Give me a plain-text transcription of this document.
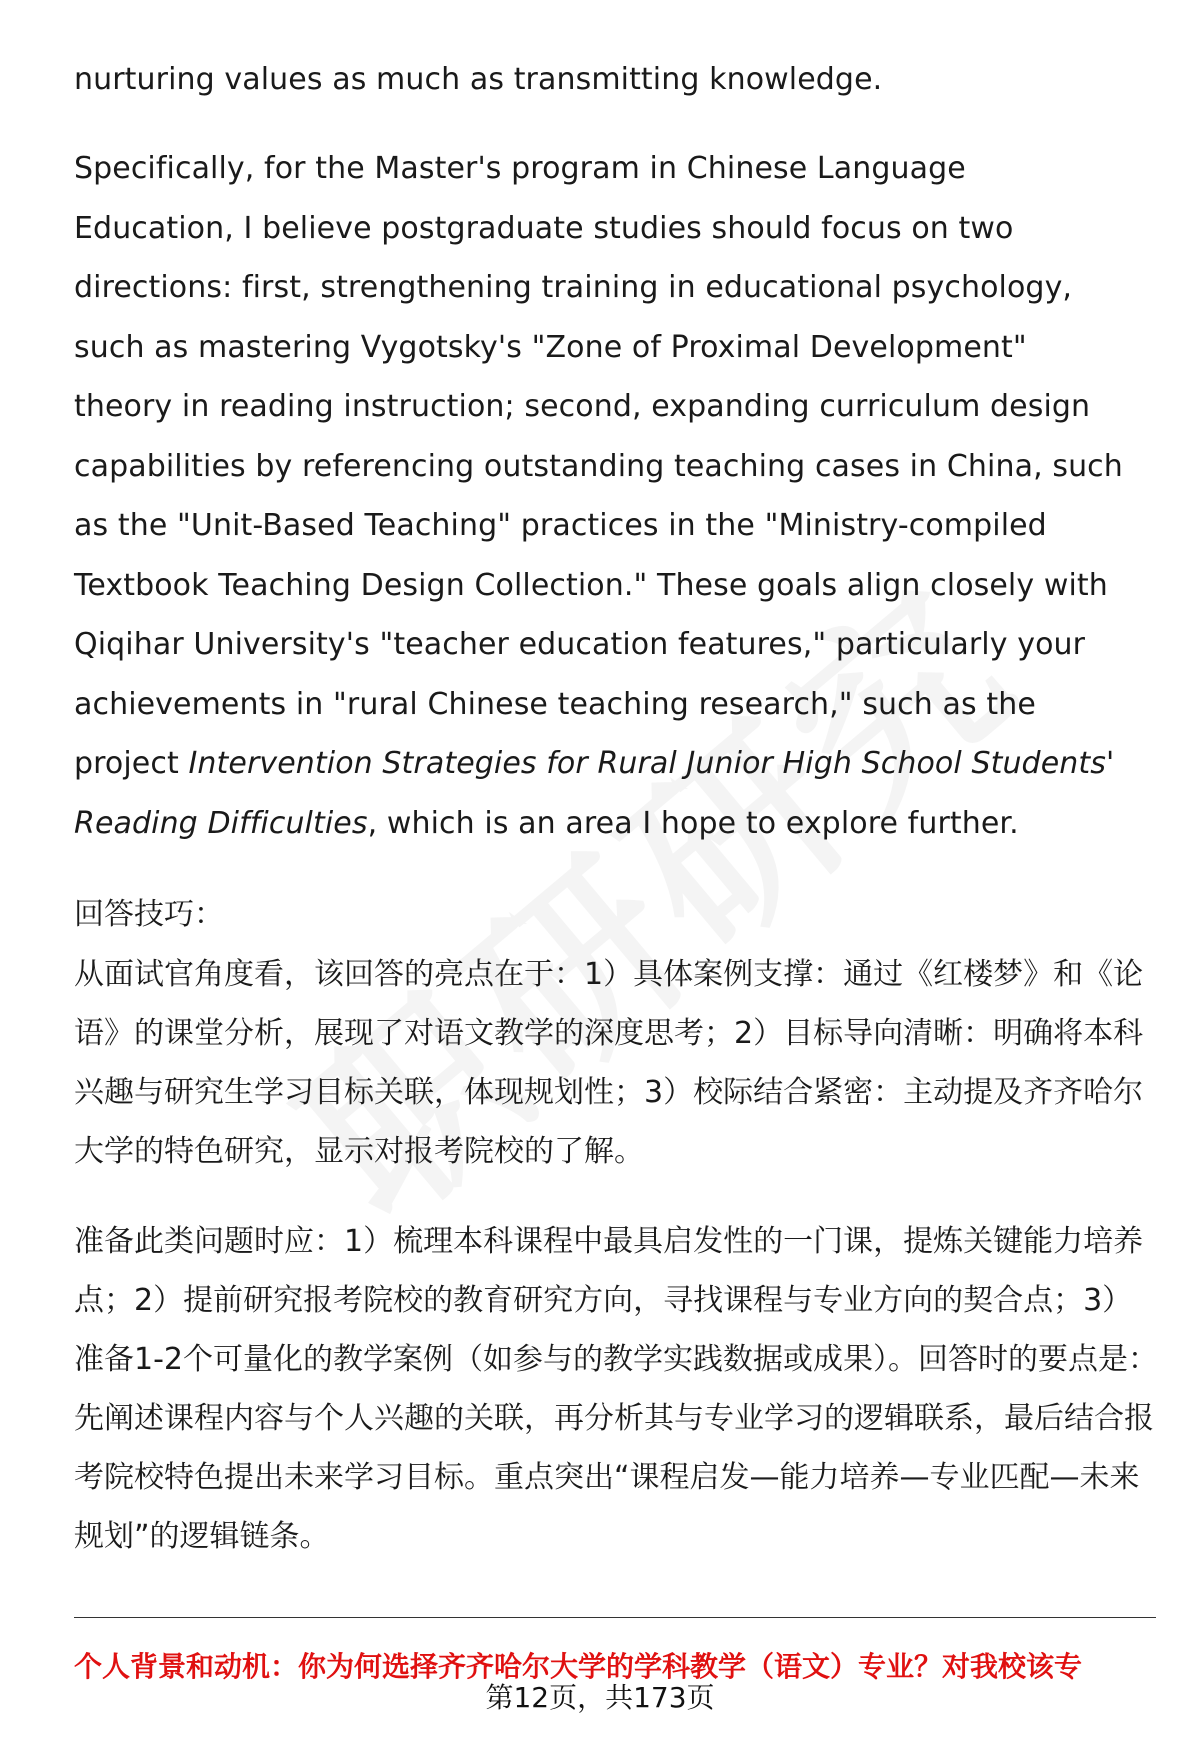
nurturing values as much as transmitting knowledge.

Specifically, for the Master's program in Chinese Language Education, I believe postgraduate studies should focus on two directions: first, strengthening training in educational psychology, such as mastering Vygotsky's "Zone of Proximal Development" theory in reading instruction; second, expanding curriculum design capabilities by referencing outstanding teaching cases in China, such as the "Unit-Based Teaching" practices in the "Ministry-compiled Textbook Teaching Design Collection." These goals align closely with Qiqihar University's "teacher education features," particularly your achievements in "rural Chinese teaching research," such as the project Intervention Strategies for Rural Junior High School Students' Reading Difficulties, which is an area I hope to explore further.

回答技巧：

从面试官角度看，该回答的亮点在于：1）具体案例支撑：通过《红楼梦》和《论语》的课堂分析，展现了对语文教学的深度思考；2）目标导向清晰：明确将本科兴趣与研究生学习目标关联，体现规划性；3）校际结合紧密：主动提及齐齐哈尔大学的特色研究，显示对报考院校的了解。

准备此类问题时应：1）梳理本科课程中最具启发性的一门课，提炼关键能力培养点；2）提前研究报考院校的教育研究方向，寻找课程与专业方向的契合点；3）准备1-2个可量化的教学案例（如参与的教学实践数据或成果）。回答时的要点是：先阐述课程内容与个人兴趣的关联，再分析其与专业学习的逻辑联系，最后结合报考院校特色提出未来学习目标。重点突出“课程启发—能力培养—专业匹配—未来规划”的逻辑链条。

个人背景和动机：你为何选择齐齐哈尔大学的学科教学（语文）专业？对我校该专
第12页，共173页
